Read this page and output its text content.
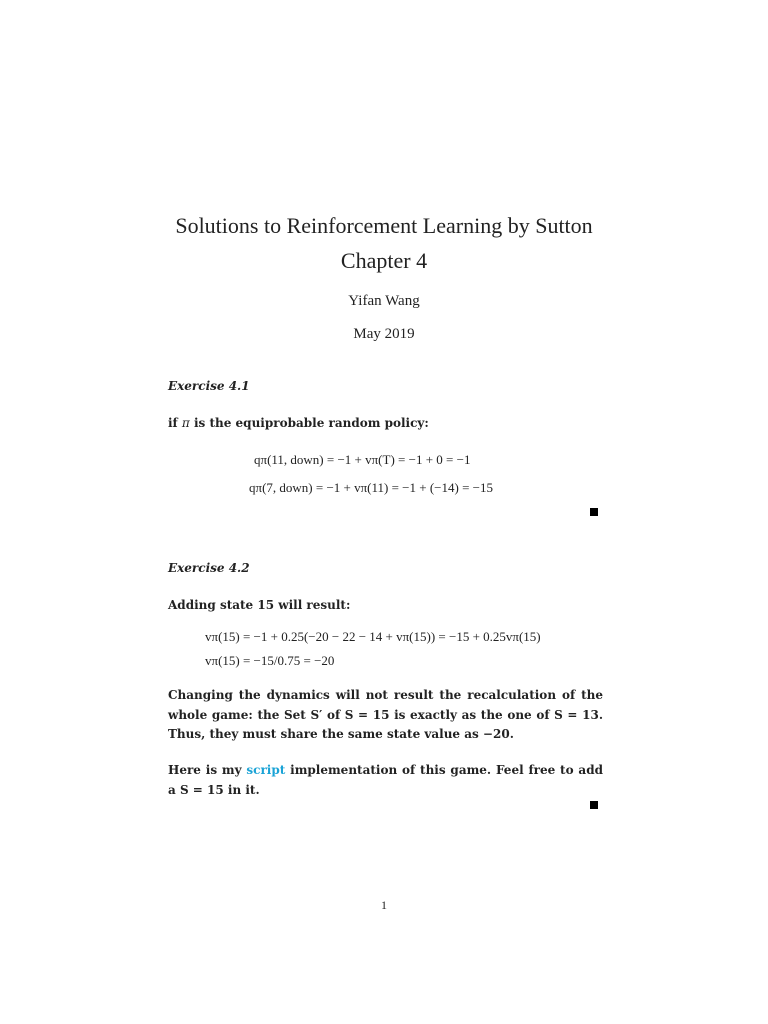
Solutions to Reinforcement Learning by Sutton
Chapter 4
Yifan Wang
May 2019
Exercise 4.1
if π is the equiprobable random policy:
qπ(11, down) = −1 + vπ(T) = −1 + 0 = −1
qπ(7, down) = −1 + vπ(11) = −1 + (−14) = −15
Exercise 4.2
Adding state 15 will result:
vπ(15) = −1 + 0.25(−20 − 22 − 14 + vπ(15)) = −15 + 0.25vπ(15)
vπ(15) = −15/0.75 = −20
Changing the dynamics will not result the recalculation of the whole game: the Set S′ of S = 15 is exactly as the one of S = 13. Thus, they must share the same state value as −20.
Here is my script implementation of this game. Feel free to add a S = 15 in it.
1
